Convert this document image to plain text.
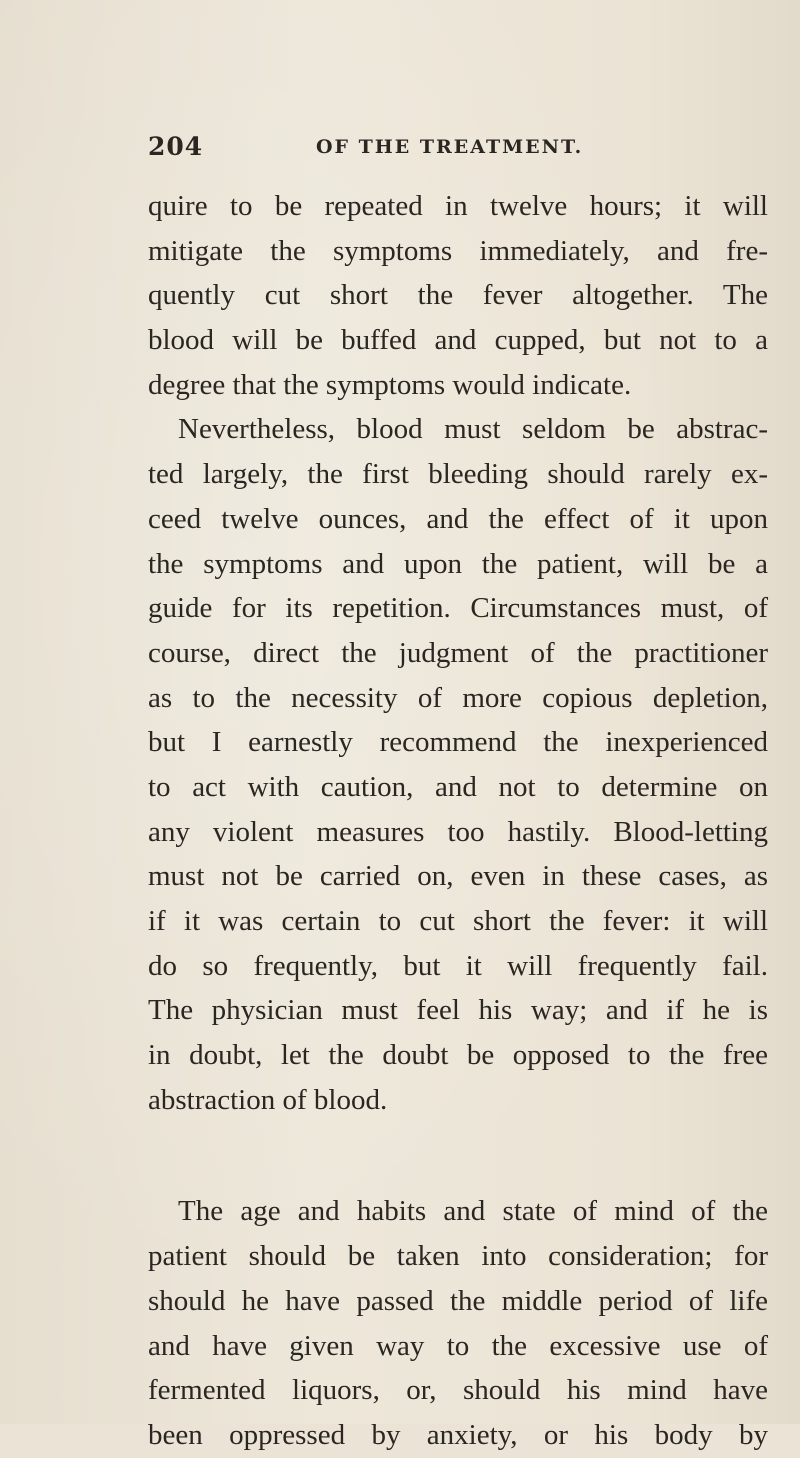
204	OF THE TREATMENT.
quire to be repeated in twelve hours; it will
mitigate the symptoms immediately, and fre-
quently cut short the fever altogether. The
blood will be buffed and cupped, but not to a
degree that the symptoms would indicate.
Nevertheless, blood must seldom be abstrac-
ted largely, the first bleeding should rarely ex-
ceed twelve ounces, and the effect of it upon
the symptoms and upon the patient, will be a
guide for its repetition. Circumstances must, of
course, direct the judgment of the practitioner
as to the necessity of more copious depletion,
but I earnestly recommend the inexperienced
to act with caution, and not to determine on
any violent measures too hastily. Blood-letting
must not be carried on, even in these cases, as
if it was certain to cut short the fever: it will
do so frequently, but it will frequently fail.
The physician must feel his way; and if he is
in doubt, let the doubt be opposed to the free
abstraction of blood.
The age and habits and state of mind of the
patient should be taken into consideration; for
should he have passed the middle period of life
and have given way to the excessive use of
fermented liquors, or, should his mind have
been oppressed by anxiety, or his body by
